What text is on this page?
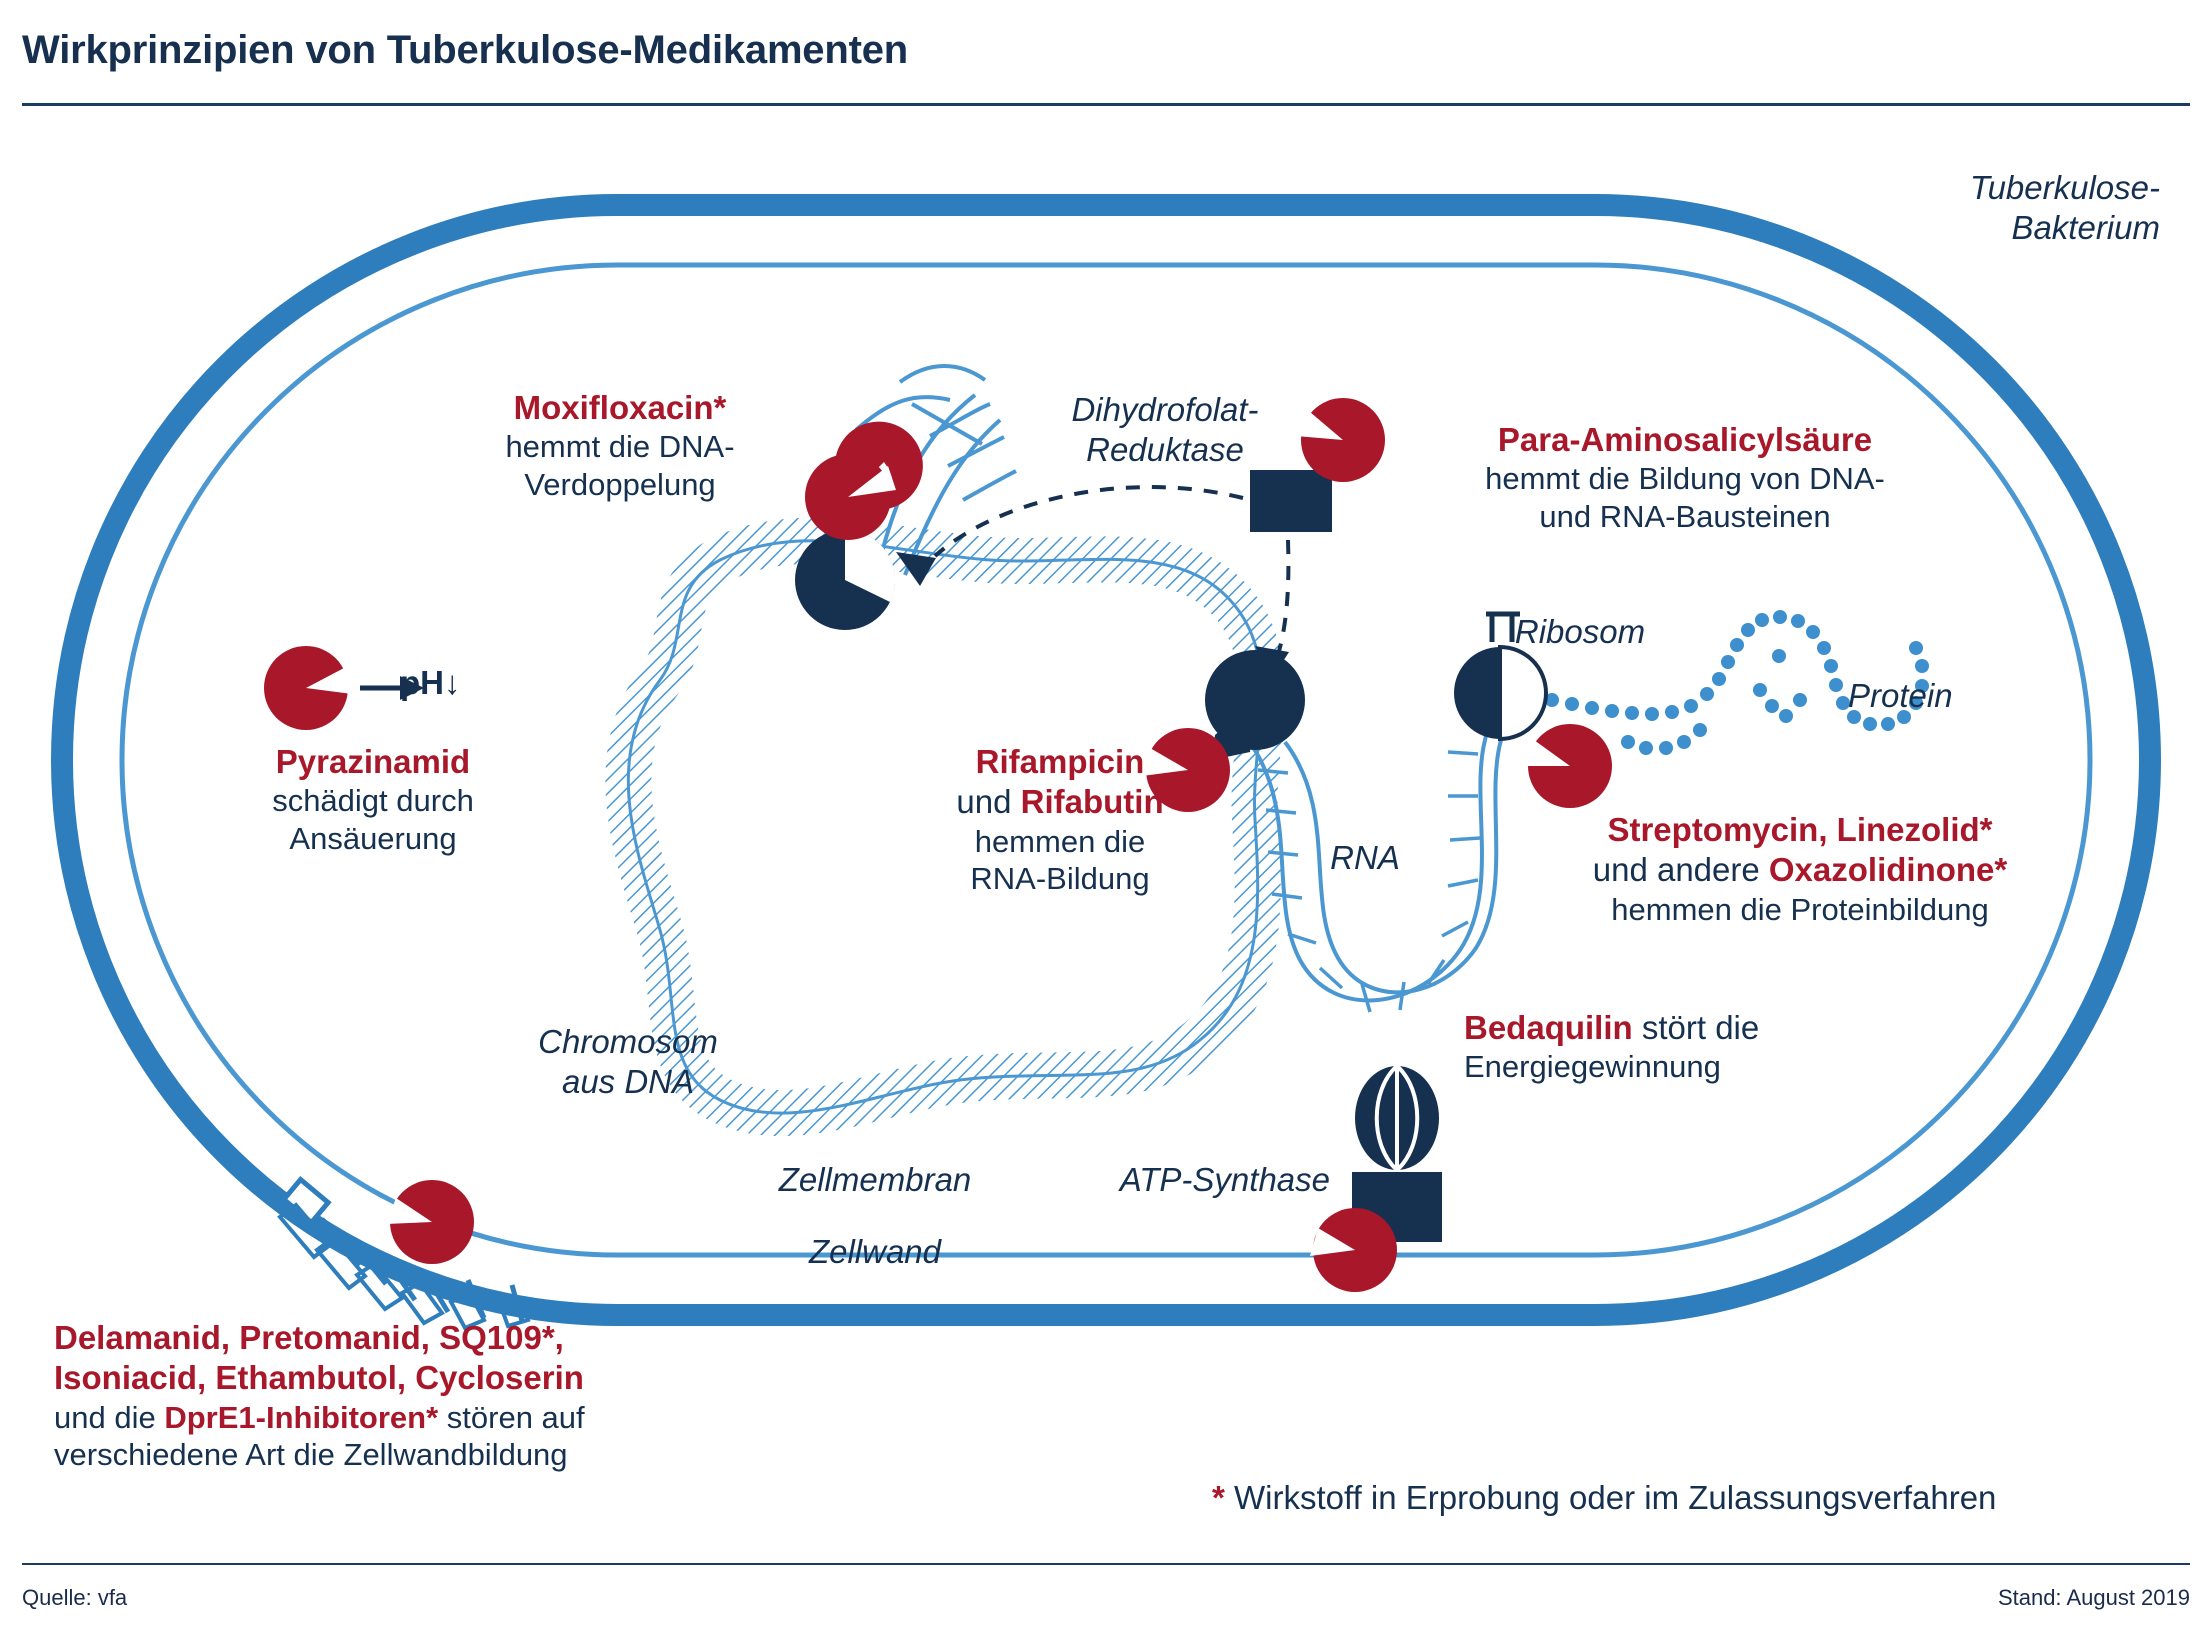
Wirkprinzipien von Tuberkulose-Medikamenten
Quelle: vfa	Stand: August 2019
Tuberkulose-
Bakterium
Moxifloxacin*
hemmt die DNA-
Verdoppelung
Dihydrofolat-
Reduktase	Para-Aminosalicylsäure
hemmt die Bildung von DNA-
und RNA-Bausteinen
pH↓
Pyrazinamid
schädigt durch
Ansäuerung
Ribosom
Protein
Rifampicin
und Rifabutin
hemmen die
RNA-Bildung
RNA
Streptomycin, Linezolid*
und andere Oxazolidinone*
hemmen die Proteinbildung
Bedaquilin stört die
Energiegewinnung
Chromosom
aus DNA
ATP-Synthase
Zellmembran
Zellwand
Delamanid, Pretomanid, SQ109*,
Isoniacid, Ethambutol, Cycloserin
und die DprE1-Inhibitoren* stören auf
verschiedene Art die Zellwandbildung
* Wirkstoff in Erprobung oder im Zulassungsverfahren
